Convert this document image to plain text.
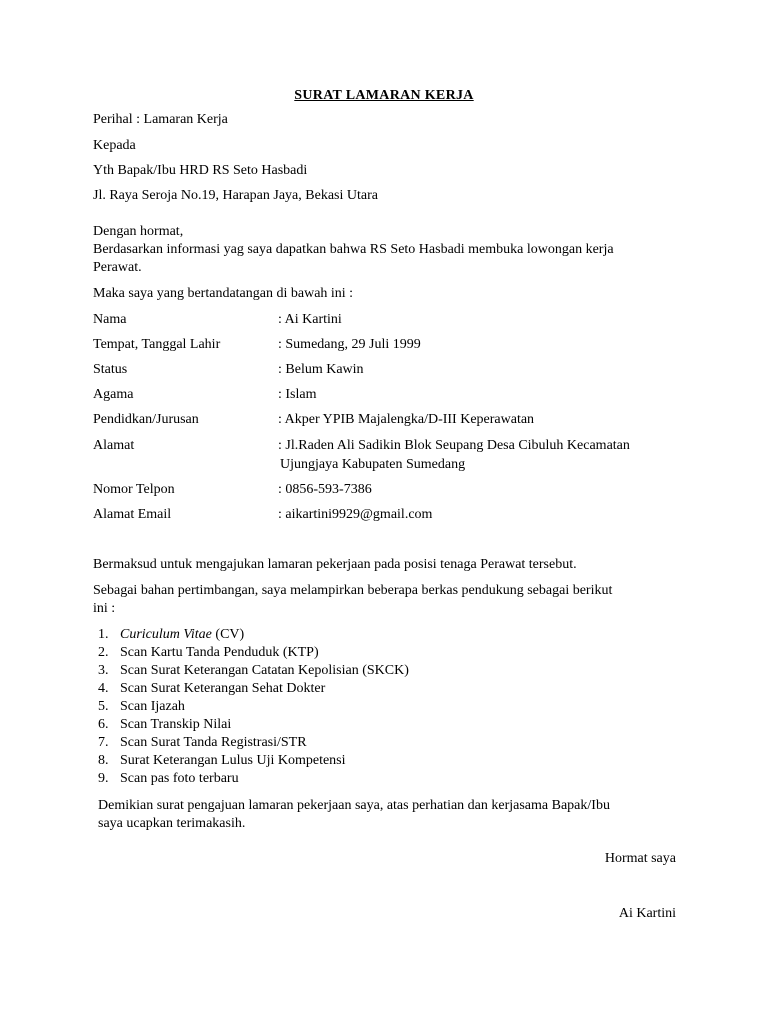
SURAT LAMARAN KERJA

Perihal : Lamaran Kerja

Kepada

Yth Bapak/Ibu HRD RS Seto Hasbadi

Jl. Raya Seroja No.19, Harapan Jaya, Bekasi Utara

Dengan hormat,

Berdasarkan informasi yag saya dapatkan bahwa RS Seto Hasbadi membuka lowongan kerja

Perawat.

Maka saya yang bertandatangan di bawah ini :

Nama	: Ai Kartini

Tempat, Tanggal Lahir	: Sumedang, 29 Juli 1999

Status	: Belum Kawin

Agama	: Islam

Pendidkan/Jurusan	: Akper YPIB Majalengka/D-III Keperawatan

Alamat	: Jl.Raden Ali Sadikin Blok Seupang Desa Cibuluh Kecamatan

Ujungjaya Kabupaten Sumedang

Nomor Telpon	: 0856-593-7386

Alamat Email	: aikartini9929@gmail.com

Bermaksud untuk mengajukan lamaran pekerjaan pada posisi tenaga Perawat tersebut.

Sebagai bahan pertimbangan, saya melampirkan beberapa berkas pendukung sebagai berikut

ini :

1. Curiculum Vitae (CV)

2. Scan Kartu Tanda Penduduk (KTP)

3. Scan Surat Keterangan Catatan Kepolisian (SKCK)

4. Scan Surat Keterangan Sehat Dokter

5. Scan Ijazah

6. Scan Transkip Nilai

7. Scan Surat Tanda Registrasi/STR

8. Surat Keterangan Lulus Uji Kompetensi

9. Scan pas foto terbaru

Demikian surat pengajuan lamaran pekerjaan saya, atas perhatian dan kerjasama Bapak/Ibu

saya ucapkan terimakasih.

Hormat saya

Ai Kartini
